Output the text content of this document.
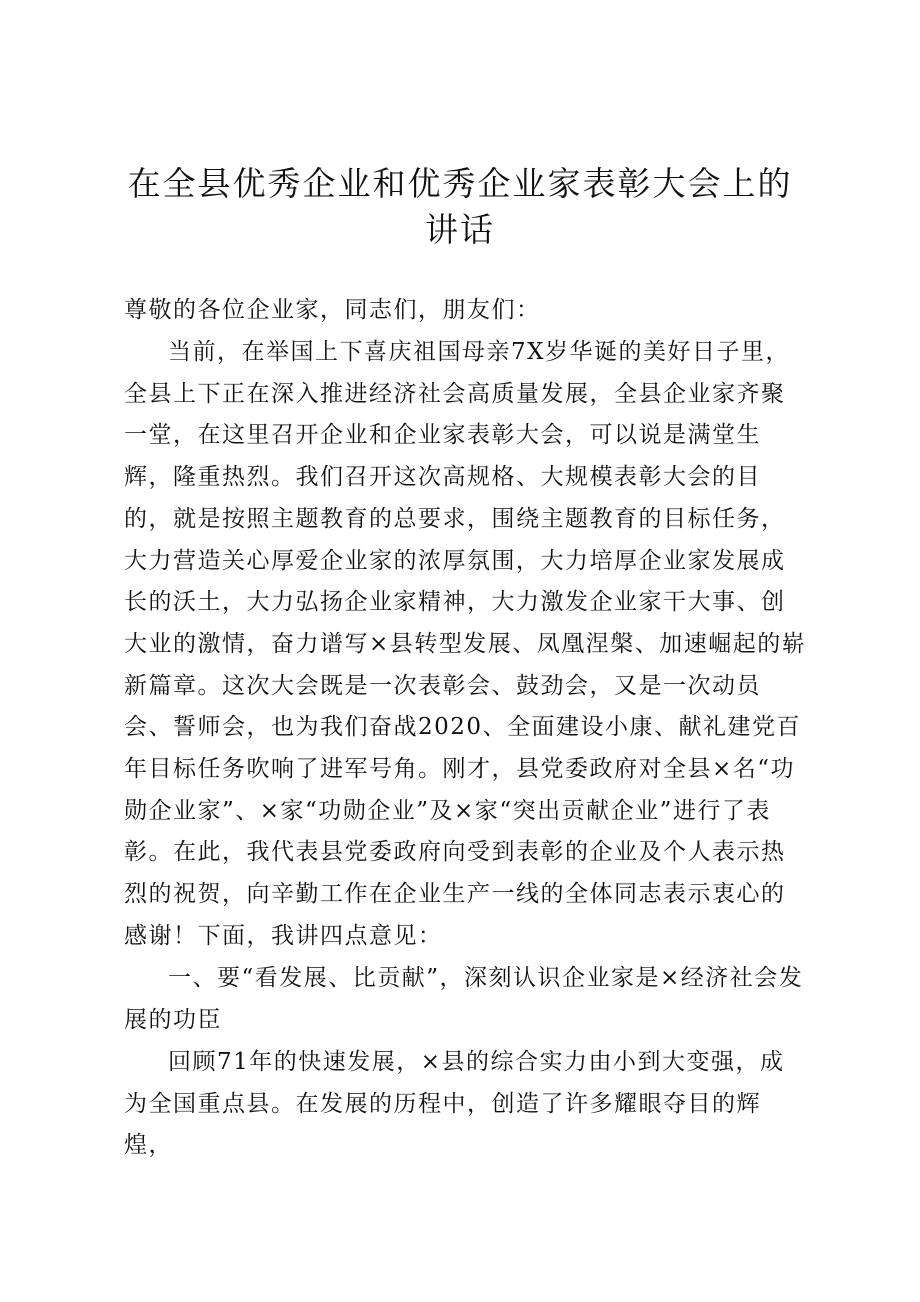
在全县优秀企业和优秀企业家表彰大会上的
讲话
尊敬的各位企业家，同志们，朋友们：
当前，在举国上下喜庆祖国母亲7X岁华诞的美好日子里，全县上下正在深入推进经济社会高质量发展，全县企业家齐聚一堂，在这里召开企业和企业家表彰大会，可以说是满堂生辉，隆重热烈。我们召开这次高规格、大规模表彰大会的目的，就是按照主题教育的总要求，围绕主题教育的目标任务，大力营造关心厚爱企业家的浓厚氛围，大力培厚企业家发展成长的沃土，大力弘扬企业家精神，大力激发企业家干大事、创大业的激情，奋力谱写×县转型发展、凤凰涅槃、加速崛起的崭新篇章。这次大会既是一次表彰会、鼓劲会，又是一次动员会、誓师会，也为我们奋战2020、全面建设小康、献礼建党百年目标任务吹响了进军号角。刚才，县党委政府对全县×名“功勋企业家”、×家“功勋企业”及×家“突出贡献企业”进行了表彰。在此，我代表县党委政府向受到表彰的企业及个人表示热烈的祝贺，向辛勤工作在企业生产一线的全体同志表示衷心的感谢！下面，我讲四点意见：
一、要“看发展、比贡献”，深刻认识企业家是×经济社会发展的功臣
回顾71年的快速发展，×县的综合实力由小到大变强，成为全国重点县。在发展的历程中，创造了许多耀眼夺目的辉煌，
